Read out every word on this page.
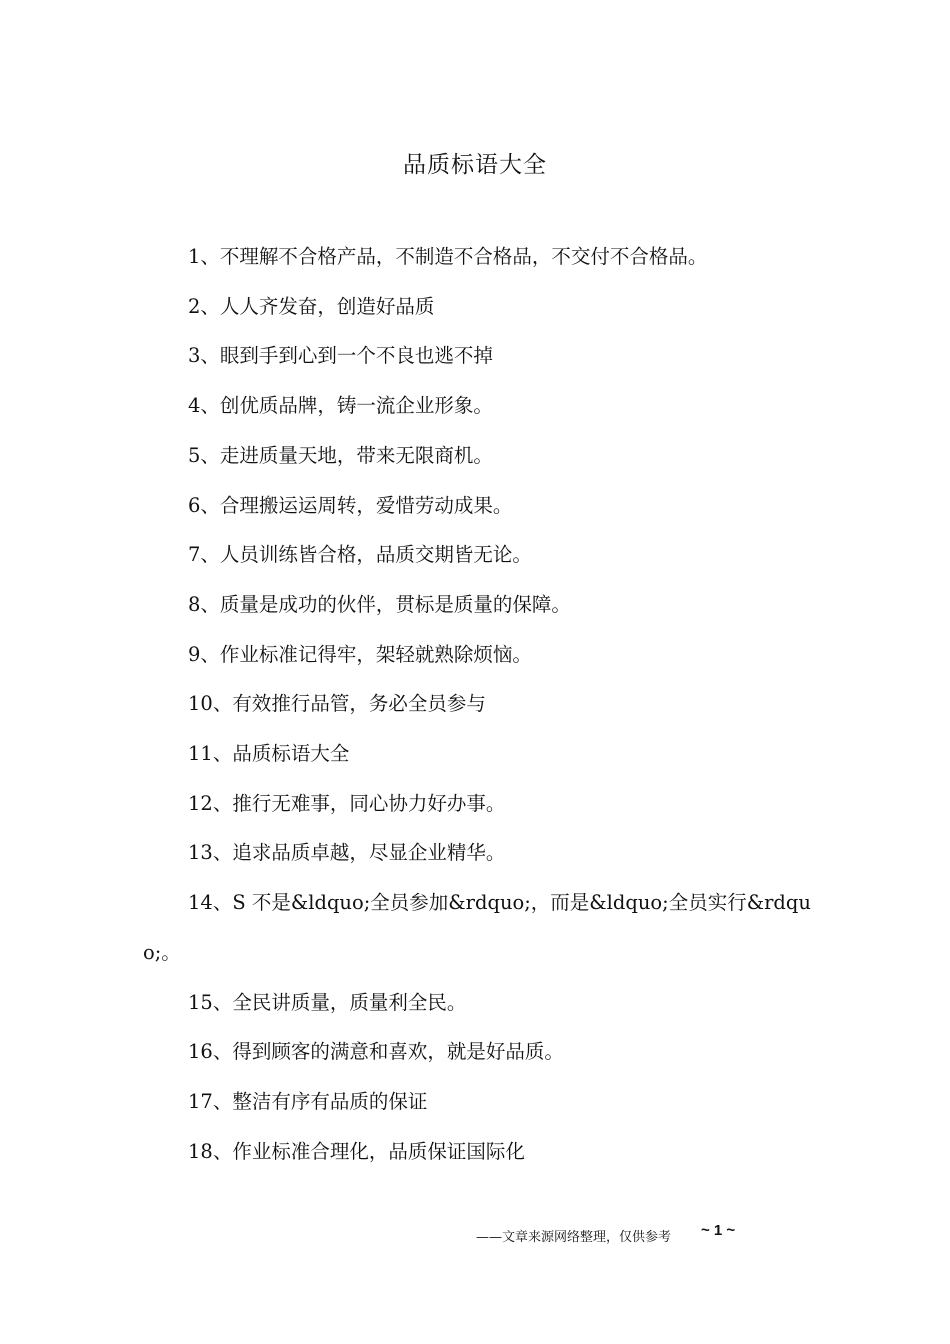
品质标语大全
1、不理解不合格产品，不制造不合格品，不交付不合格品。
2、人人齐发奋，创造好品质
3、眼到手到心到一个不良也逃不掉
4、创优质品牌，铸一流企业形象。
5、走进质量天地，带来无限商机。
6、合理搬运运周转，爱惜劳动成果。
7、人员训练皆合格，品质交期皆无论。
8、质量是成功的伙伴，贯标是质量的保障。
9、作业标准记得牢，架轻就熟除烦恼。
10、有效推行品管，务必全员参与
11、品质标语大全
12、推行无难事，同心协力好办事。
13、追求品质卓越，尽显企业精华。
14、S 不是&ldquo;全员参加&rdquo;，而是&ldquo;全员实行&rdquo;。
15、全民讲质量，质量利全民。
16、得到顾客的满意和喜欢，就是好品质。
17、整洁有序有品质的保证
18、作业标准合理化，品质保证国际化
——文章来源网络整理，仅供参考 ~ 1 ~
